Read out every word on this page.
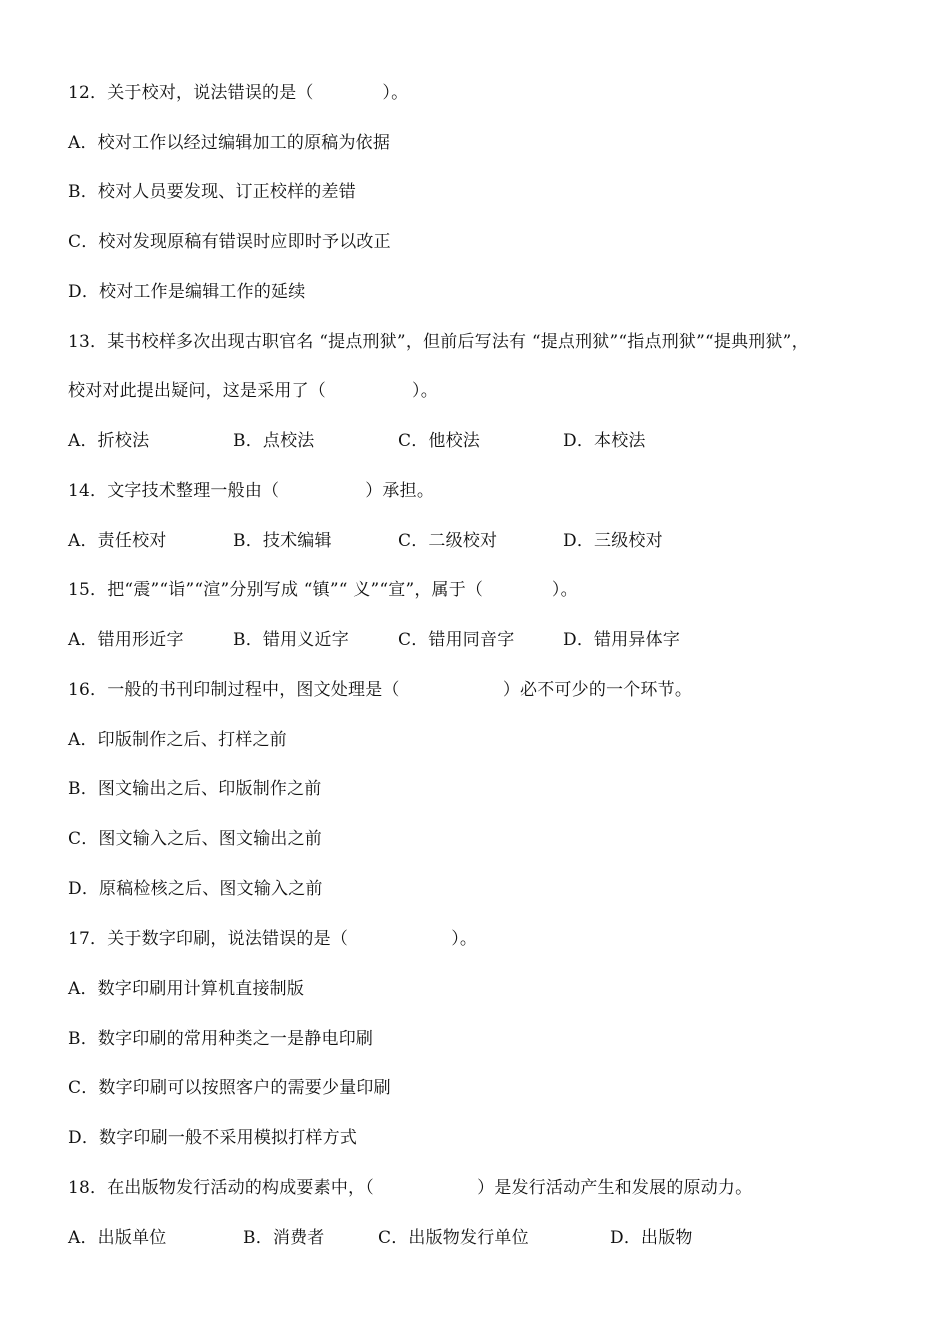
12．关于校对，说法错误的是（　　　　）。
A．校对工作以经过编辑加工的原稿为依据
B．校对人员要发现、订正校样的差错
C．校对发现原稿有错误时应即时予以改正
D．校对工作是编辑工作的延续
13．某书校样多次出现古职官名 “提点刑狱”，但前后写法有 “提点刑狱”“指点刑狱”“提典刑狱”，
校对对此提出疑问，这是采用了（　　　　　）。
A．折校法	B．点校法	C．他校法	D．本校法
14．文字技术整理一般由（　　　　　）承担。
A．责任校对	B．技术编辑	C．二级校对	D．三级校对
15．把“震”“诣”“渲”分别写成 “镇”“ 义”“宣”，属于（　　　　）。
A．错用形近字	B．错用义近字	C．错用同音字	D．错用异体字
16．一般的书刊印制过程中，图文处理是（　　　　　　）必不可少的一个环节。
A．印版制作之后、打样之前
B．图文输出之后、印版制作之前
C．图文输入之后、图文输出之前
D．原稿检核之后、图文输入之前
17．关于数字印刷，说法错误的是（　　　　　　）。
A．数字印刷用计算机直接制版
B．数字印刷的常用种类之一是静电印刷
C．数字印刷可以按照客户的需要少量印刷
D．数字印刷一般不采用模拟打样方式
18．在出版物发行活动的构成要素中，（　　　　　　）是发行活动产生和发展的原动力。
A．出版单位	B．消费者	C．出版物发行单位	D．出版物
